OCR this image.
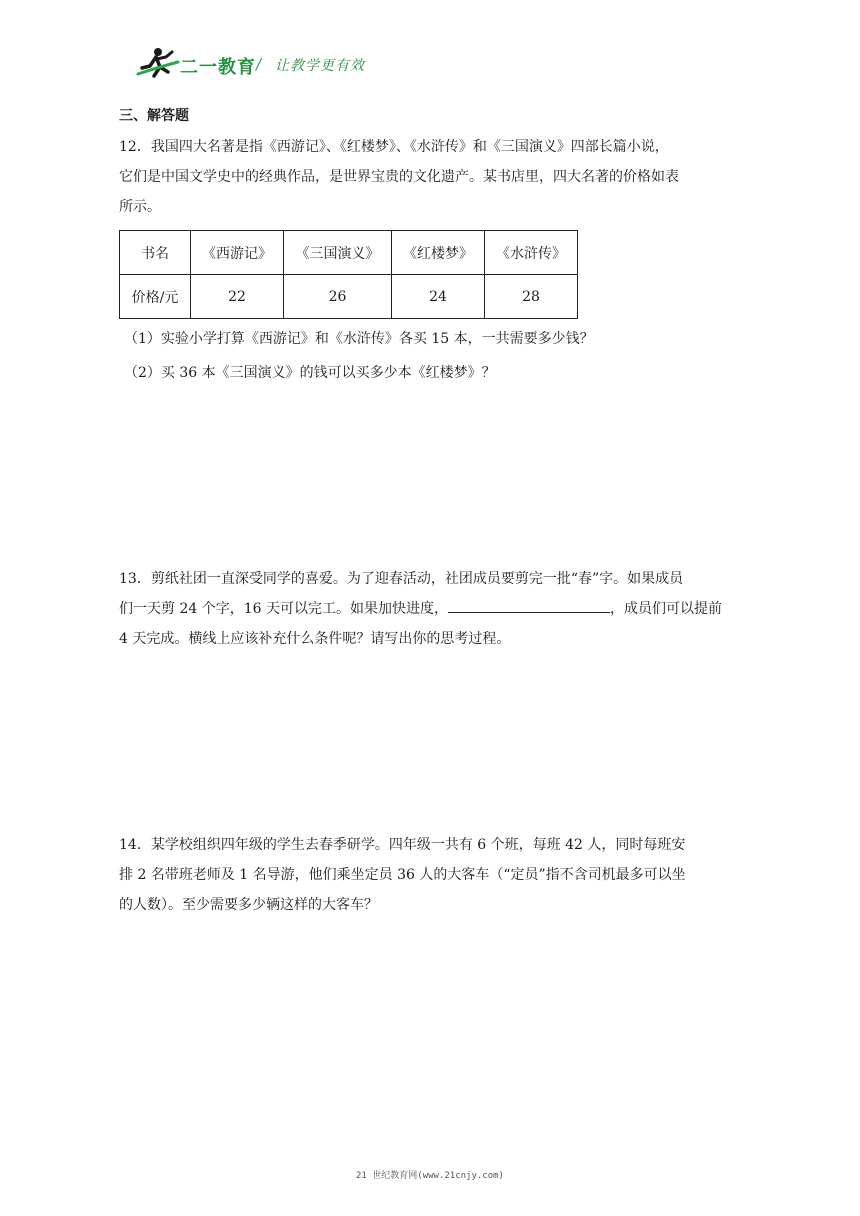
二一教育 / 让教学更有效
三、解答题
12．我国四大名著是指《西游记》、《红楼梦》、《水浒传》和《三国演义》四部长篇小说，
它们是中国文学史中的经典作品，是世界宝贵的文化遗产。某书店里，四大名著的价格如表
所示。
书名	《西游记》	《三国演义》	《红楼梦》	《水浒传》
价格/元	22	26	24	28
（1）实验小学打算《西游记》和《水浒传》各买 15 本，一共需要多少钱？
（2）买 36 本《三国演义》的钱可以买多少本《红楼梦》？
13．剪纸社团一直深受同学的喜爱。为了迎春活动，社团成员要剪完一批“春”字。如果成员
们一天剪 24 个字，16 天可以完工。如果加快进度，	，成员们可以提前
4 天完成。横线上应该补充什么条件呢？请写出你的思考过程。
14．某学校组织四年级的学生去春季研学。四年级一共有 6 个班，每班 42 人，同时每班安
排 2 名带班老师及 1 名导游，他们乘坐定员 36 人的大客车（“定员”指不含司机最多可以坐
的人数）。至少需要多少辆这样的大客车？
21 世纪教育网(www.21cnjy.com)
